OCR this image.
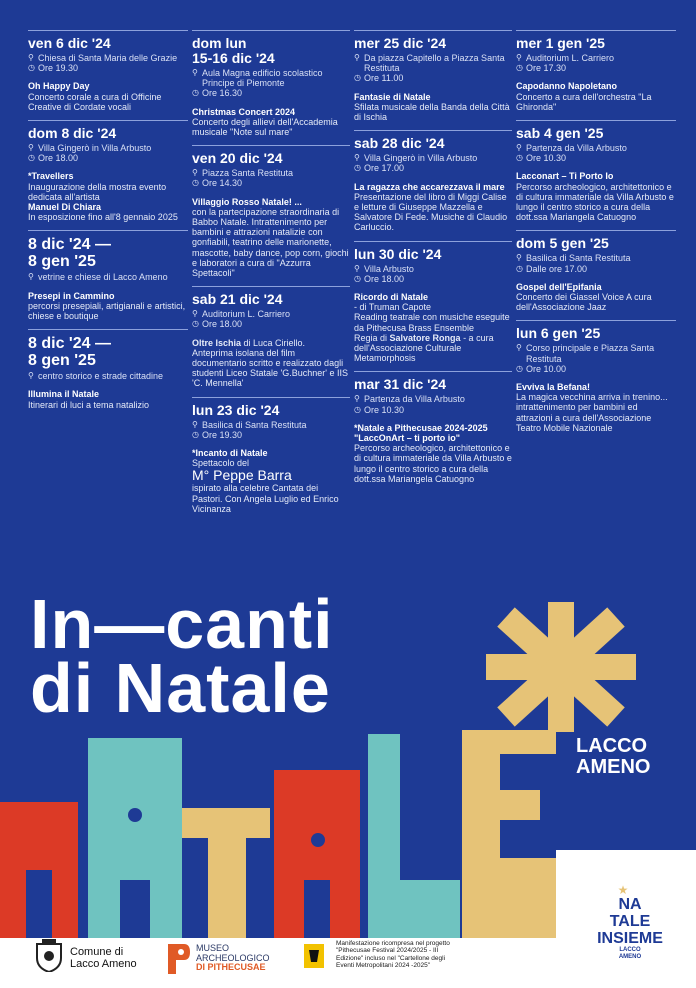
ven 6 dic '24
⚲ Chiesa di Santa Maria delle Grazie
◷ Ore 19.30
Oh Happy Day
Concerto corale a cura di Officine Creative di Cordate vocali
dom 8 dic '24
⚲ Villa Gingerò in Villa Arbusto
◷ Ore 18.00
*Travellers
Inaugurazione della mostra evento dedicata all'artista
Manuel Di Chiara
In esposizione fino all'8 gennaio 2025
8 dic '24 —
8 gen '25
⚲ vetrine e chiese di Lacco Ameno
Presepi in Cammino
percorsi presepiali, artigianali e artistici, chiese e boutique
8 dic '24 —
8 gen '25
⚲ centro storico e strade cittadine
Illumina il Natale
Itinerari di luci a tema natalizio
dom lun
15-16 dic '24
⚲ Aula Magna edificio scolastico Principe di Piemonte
◷ Ore 16.30
Christmas Concert 2024
Concerto degli allievi dell'Accademia musicale "Note sul mare"
ven 20 dic '24
⚲ Piazza Santa Restituta
◷ Ore 14.30
Villaggio Rosso Natale! ...
con la partecipazione straordinaria di Babbo Natale. Intrattenimento per bambini e attrazioni natalizie con gonfiabili, teatrino delle marionette, mascotte, baby dance, pop corn, giochi e laboratori a cura di "Azzurra Spettacoli"
sab 21 dic '24
⚲ Auditorium L. Carriero
◷ Ore 18.00
Oltre Ischia di Luca Ciriello.
Anteprima isolana del film documentario scritto e realizzato dagli studenti Liceo Statale 'G.Buchner' e IIS 'C. Mennella'
lun 23 dic '24
⚲ Basilica di Santa Restituta
◷ Ore 19.30
*Incanto di Natale
Spettacolo del
M° Peppe Barra
ispirato alla celebre Cantata dei Pastori. Con Angela Luglio ed Enrico Vicinanza
mer 25 dic '24
⚲ Da piazza Capitello a Piazza Santa Restituta
◷ Ore 11.00
Fantasie di Natale
Sfilata musicale della Banda della Città di Ischia
sab 28 dic '24
⚲ Villa Gingerò in Villa Arbusto
◷ Ore 17.00
La ragazza che accarezzava il mare
Presentazione del libro di Miggi Calise e letture di Giuseppe Mazzella e Salvatore Di Fede. Musiche di Claudio Carluccio.
lun 30 dic '24
⚲ Villa Arbusto
◷ Ore 18.00
Ricordo di Natale
- di Truman Capote
Reading teatrale con musiche eseguite da Pithecusa Brass Ensemble
Regia di Salvatore Ronga - a cura dell'Associazione Culturale Metamorphosis
mar 31 dic '24
⚲ Partenza da Villa Arbusto
◷ Ore 10.30
*Natale a Pithecusae 2024-2025 "LaccOnArt – ti porto io"
Percorso archeologico, architettonico e di cultura immateriale da Villa Arbusto e lungo il centro storico a cura della dott.ssa Mariangela Catuogno
mer 1 gen '25
⚲ Auditorium L. Carriero
◷ Ore 17.30
Capodanno Napoletano
Concerto a cura dell'orchestra "La Ghironda"
sab 4 gen '25
⚲ Partenza da Villa Arbusto
◷ Ore 10.30
Lacconart – Ti Porto Io
Percorso archeologico, architettonico e di cultura immateriale da Villa Arbusto e lungo il centro storico a cura della dott.ssa Mariangela Catuogno
dom 5 gen '25
⚲ Basilica di Santa Restituta
◷ Dalle ore 17.00
Gospel dell'Epifania
Concerto dei Giassel Voice A cura dell'Associazione Jaaz
lun 6 gen '25
⚲ Corso principale e Piazza Santa Restituta
◷ Ore 10.00
Evviva la Befana!
La magica vecchina arriva in trenino... intrattenimento per bambini ed attrazioni a cura dell'Associazione Teatro Mobile Nazionale
In—canti
di Natale
LACCO
AMENO
Comune di
Lacco Ameno
MUSEO
ARCHEOLOGICO
DI PITHECUSAE
Manifestazione ricompresa nel progetto "Pithecusae Festival 2024/2025 - III Edizione" incluso nel "Cartellone degli Eventi Metropolitani 2024 -2025"
★
NA
TALE
INSIEME
LACCO
AMENO
